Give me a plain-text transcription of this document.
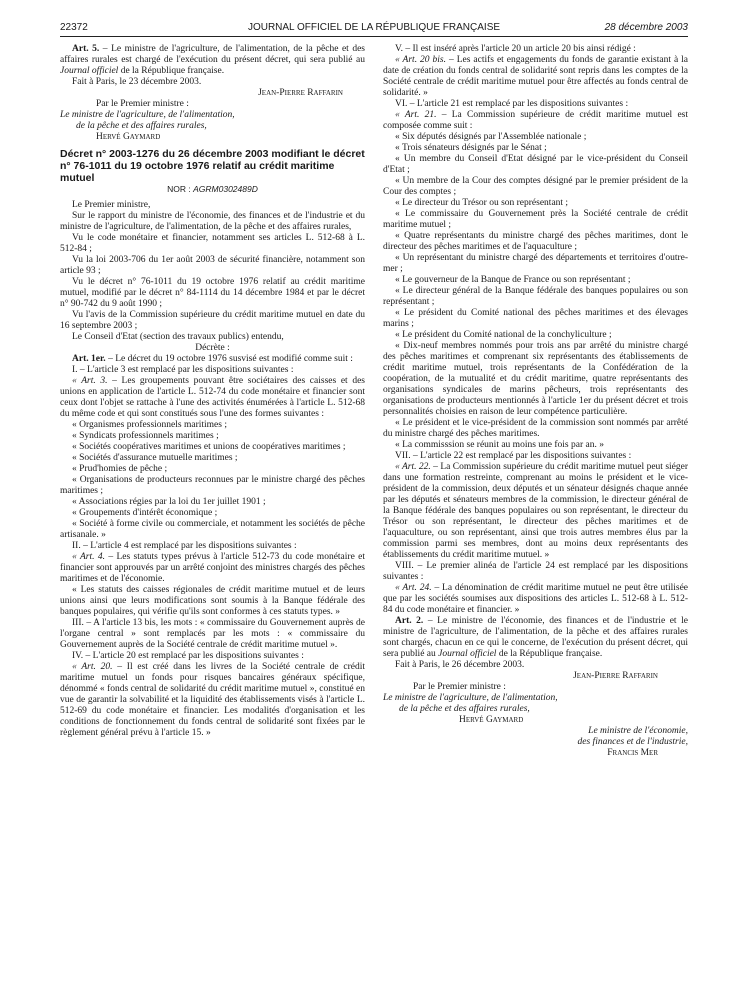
22372	JOURNAL OFFICIEL DE LA RÉPUBLIQUE FRANÇAISE	28 décembre 2003

Art. 5. – Le ministre de l'agriculture, de l'alimentation, de la pêche et des affaires rurales est chargé de l'exécution du présent décret, qui sera publié au Journal officiel de la République française.

Fait à Paris, le 23 décembre 2003.

Jean-Pierre Raffarin

Par le Premier ministre :

Le ministre de l'agriculture, de l'alimentation,

de la pêche et des affaires rurales,

Hervé Gaymard

Décret n° 2003-1276 du 26 décembre 2003 modifiant le décret n° 76-1011 du 19 octobre 1976 relatif au crédit maritime mutuel

NOR : AGRM0302489D

Le Premier ministre,

Sur le rapport du ministre de l'économie, des finances et de l'industrie et du ministre de l'agriculture, de l'alimentation, de la pêche et des affaires rurales,

Vu le code monétaire et financier, notamment ses articles L. 512-68 à L. 512-84 ;

Vu la loi 2003-706 du 1er août 2003 de sécurité financière, notamment son article 93 ;

Vu le décret n° 76-1011 du 19 octobre 1976 relatif au crédit maritime mutuel, modifié par le décret n° 84-1114 du 14 décembre 1984 et par le décret n° 90-742 du 9 août 1990 ;

Vu l'avis de la Commission supérieure du crédit maritime mutuel en date du 16 septembre 2003 ;

Le Conseil d'Etat (section des travaux publics) entendu,

Décrète :

Art. 1er. – Le décret du 19 octobre 1976 susvisé est modifié comme suit :

I. – L'article 3 est remplacé par les dispositions suivantes :

« Art. 3. – Les groupements pouvant être sociétaires des caisses et des unions en application de l'article L. 512-74 du code monétaire et financier sont ceux dont l'objet se rattache à l'une des activités énumérées à l'article L. 512-68 du même code et qui sont constitués sous l'une des formes suivantes :

« Organismes professionnels maritimes ;

« Syndicats professionnels maritimes ;

« Sociétés coopératives maritimes et unions de coopératives maritimes ;

« Sociétés d'assurance mutuelle maritimes ;

« Prud'homies de pêche ;

« Organisations de producteurs reconnues par le ministre chargé des pêches maritimes ;

« Associations régies par la loi du 1er juillet 1901 ;

« Groupements d'intérêt économique ;

« Société à forme civile ou commerciale, et notamment les sociétés de pêche artisanale. »

II. – L'article 4 est remplacé par les dispositions suivantes :

« Art. 4. – Les statuts types prévus à l'article 512-73 du code monétaire et financier sont approuvés par un arrêté conjoint des ministres chargés des pêches maritimes et de l'économie.

« Les statuts des caisses régionales de crédit maritime mutuel et de leurs unions ainsi que leurs modifications sont soumis à la Banque fédérale des banques populaires, qui vérifie qu'ils sont conformes à ces statuts types. »

III. – A l'article 13 bis, les mots : « commissaire du Gouvernement auprès de l'organe central » sont remplacés par les mots : « commissaire du Gouvernement auprès de la Société centrale de crédit maritime mutuel ».

IV. – L'article 20 est remplacé par les dispositions suivantes :

« Art. 20. – Il est créé dans les livres de la Société centrale de crédit maritime mutuel un fonds pour risques bancaires généraux spécifique, dénommé « fonds central de solidarité du crédit maritime mutuel », constitué en vue de garantir la solvabilité et la liquidité des établissements visés à l'article L. 512-69 du code monétaire et financier. Les modalités d'organisation et les conditions de fonctionnement du fonds central de solidarité sont fixées par le règlement général prévu à l'article 15. »

V. – Il est inséré après l'article 20 un article 20 bis ainsi rédigé :

« Art. 20 bis. – Les actifs et engagements du fonds de garantie existant à la date de création du fonds central de solidarité sont repris dans les comptes de la Société centrale de crédit maritime mutuel pour être affectés au fonds central de solidarité. »

VI. – L'article 21 est remplacé par les dispositions suivantes :

« Art. 21. – La Commission supérieure de crédit maritime mutuel est composée comme suit :

« Six députés désignés par l'Assemblée nationale ;

« Trois sénateurs désignés par le Sénat ;

« Un membre du Conseil d'Etat désigné par le vice-président du Conseil d'Etat ;

« Un membre de la Cour des comptes désigné par le premier président de la Cour des comptes ;

« Le directeur du Trésor ou son représentant ;

« Le commissaire du Gouvernement près la Société centrale de crédit maritime mutuel ;

« Quatre représentants du ministre chargé des pêches maritimes, dont le directeur des pêches maritimes et de l'aquaculture ;

« Un représentant du ministre chargé des départements et territoires d'outre-mer ;

« Le gouverneur de la Banque de France ou son représentant ;

« Le directeur général de la Banque fédérale des banques populaires ou son représentant ;

« Le président du Comité national des pêches maritimes et des élevages marins ;

« Le président du Comité national de la conchyliculture ;

« Dix-neuf membres nommés pour trois ans par arrêté du ministre chargé des pêches maritimes et comprenant six représentants des établissements de crédit maritime mutuel, trois représentants de la Confédération de la coopération, de la mutualité et du crédit maritime, quatre représentants des organisations syndicales de marins pêcheurs, trois représentants des organisations de producteurs mentionnés à l'article 1er du présent décret et trois personnalités choisies en raison de leur compétence particulière.

« Le président et le vice-président de la commission sont nommés par arrêté du ministre chargé des pêches maritimes.

« La commisssion se réunit au moins une fois par an. »

VII. – L'article 22 est remplacé par les dispositions suivantes :

« Art. 22. – La Commission supérieure du crédit maritime mutuel peut siéger dans une formation restreinte, comprenant au moins le président et le vice-président de la commission, deux députés et un sénateur désignés chaque année par les députés et sénateurs membres de la commission, le directeur général de la Banque fédérale des banques populaires ou son représentant, le directeur du Trésor ou son représentant, le directeur des pêches maritimes et de l'aquaculture, ou son représentant, ainsi que trois autres membres élus par la commission parmi ses membres, dont au moins deux représentants des établissements du crédit maritime mutuel. »

VIII. – Le premier alinéa de l'article 24 est remplacé par les dispositions suivantes :

« Art. 24. – La dénomination de crédit maritime mutuel ne peut être utilisée que par les sociétés soumises aux dispositions des articles L. 512-68 à L. 512-84 du code monétaire et financier. »

Art. 2. – Le ministre de l'économie, des finances et de l'industrie et le ministre de l'agriculture, de l'alimentation, de la pêche et des affaires rurales sont chargés, chacun en ce qui le concerne, de l'exécution du présent décret, qui sera publié au Journal officiel de la République française.

Fait à Paris, le 26 décembre 2003.

Jean-Pierre Raffarin

Par le Premier ministre :

Le ministre de l'agriculture, de l'alimentation,

de la pêche et des affaires rurales,

Hervé Gaymard

Le ministre de l'économie,

des finances et de l'industrie,

Francis Mer
